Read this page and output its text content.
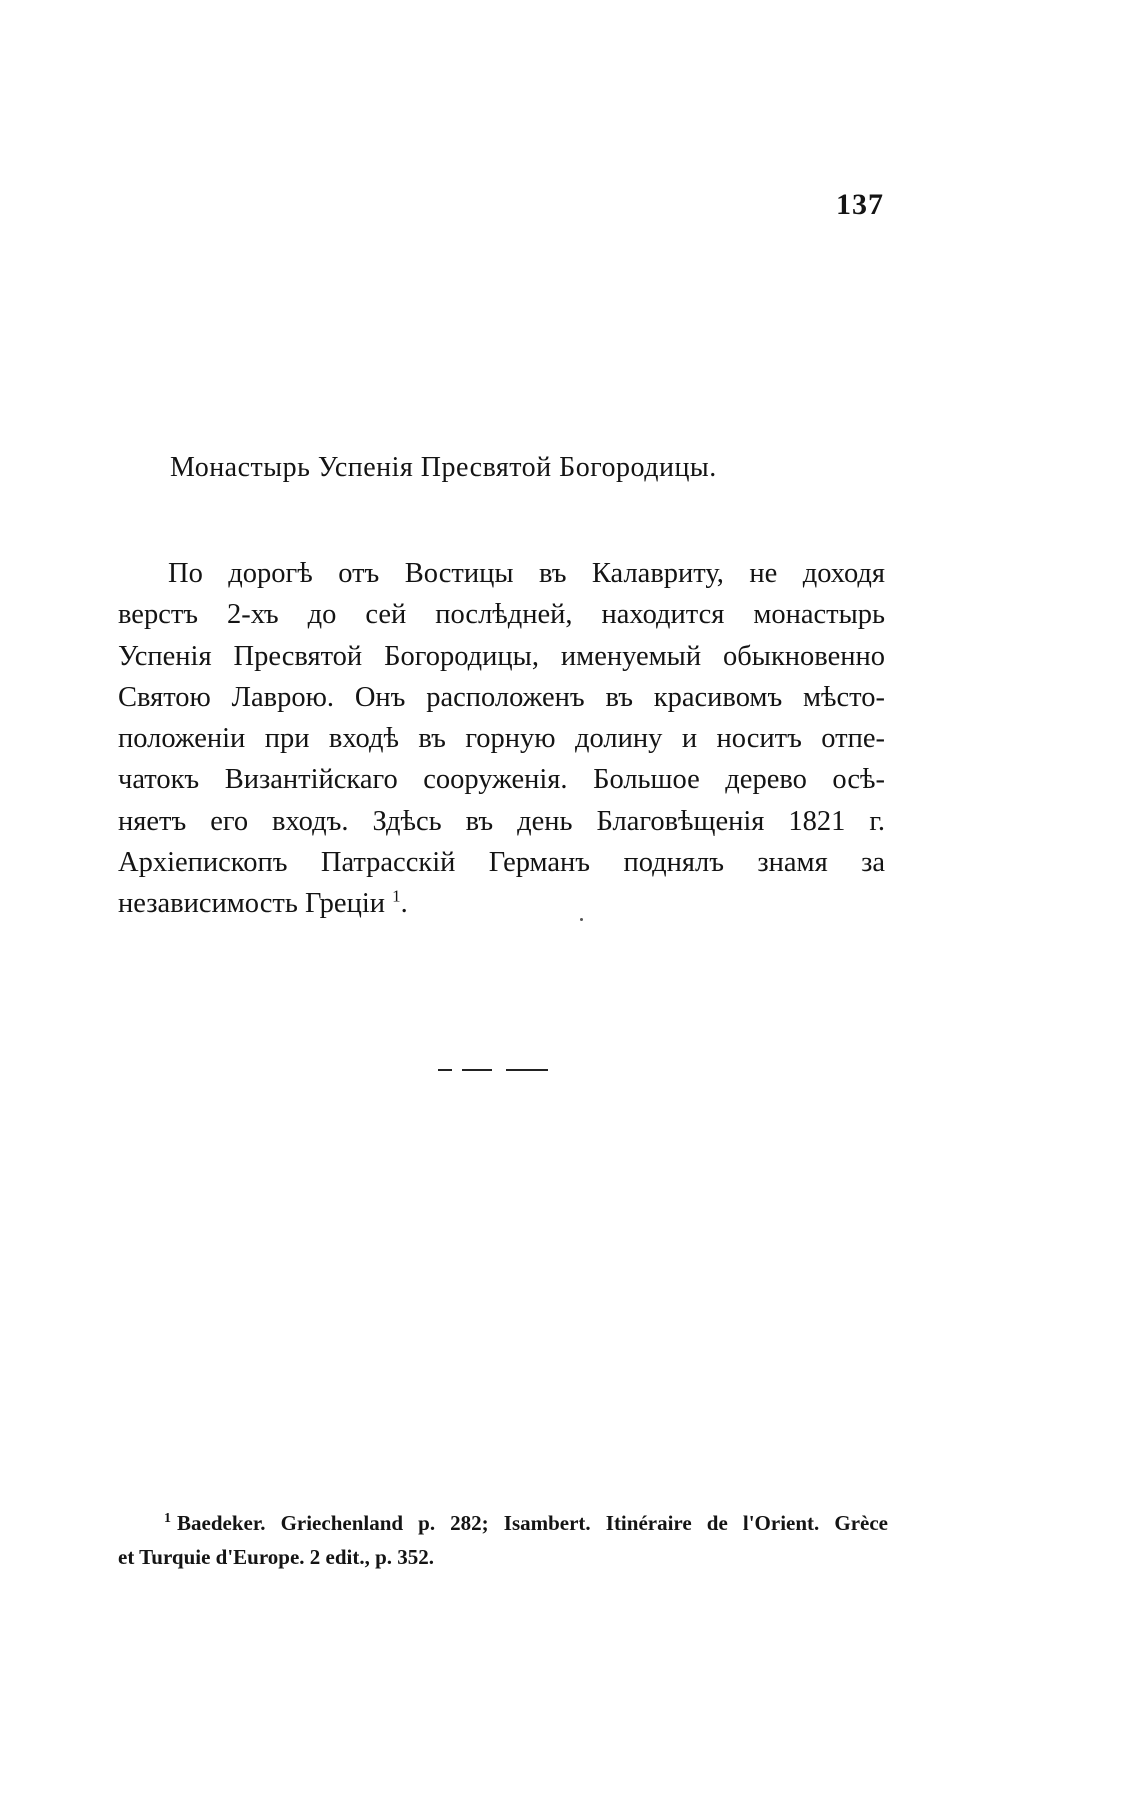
137
Монастырь Успенія Пресвятой Богородицы.
По дорогѣ отъ Востицы въ Калавриту, не доходя
верстъ 2-хъ до сей послѣдней, находится монастырь
Успенія Пресвятой Богородицы, именуемый обыкновенно
Святою Лаврою. Онъ расположенъ въ красивомъ мѣсто-
положеніи при входѣ въ горную долину и носитъ отпе-
чатокъ Византійскаго сооруженія. Большое дерево осѣ-
няетъ его входъ. Здѣсь въ день Благовѣщенія 1821 г.
Архіепископъ Патрасскій Германъ поднялъ знамя за
независимость Греціи $^1$.
$^1$ Baedeker. Griechenland p. 282; Isambert. Itinéraire de l'Orient. Grèce
et Turquie d'Europe. 2 edit., p. 352.
